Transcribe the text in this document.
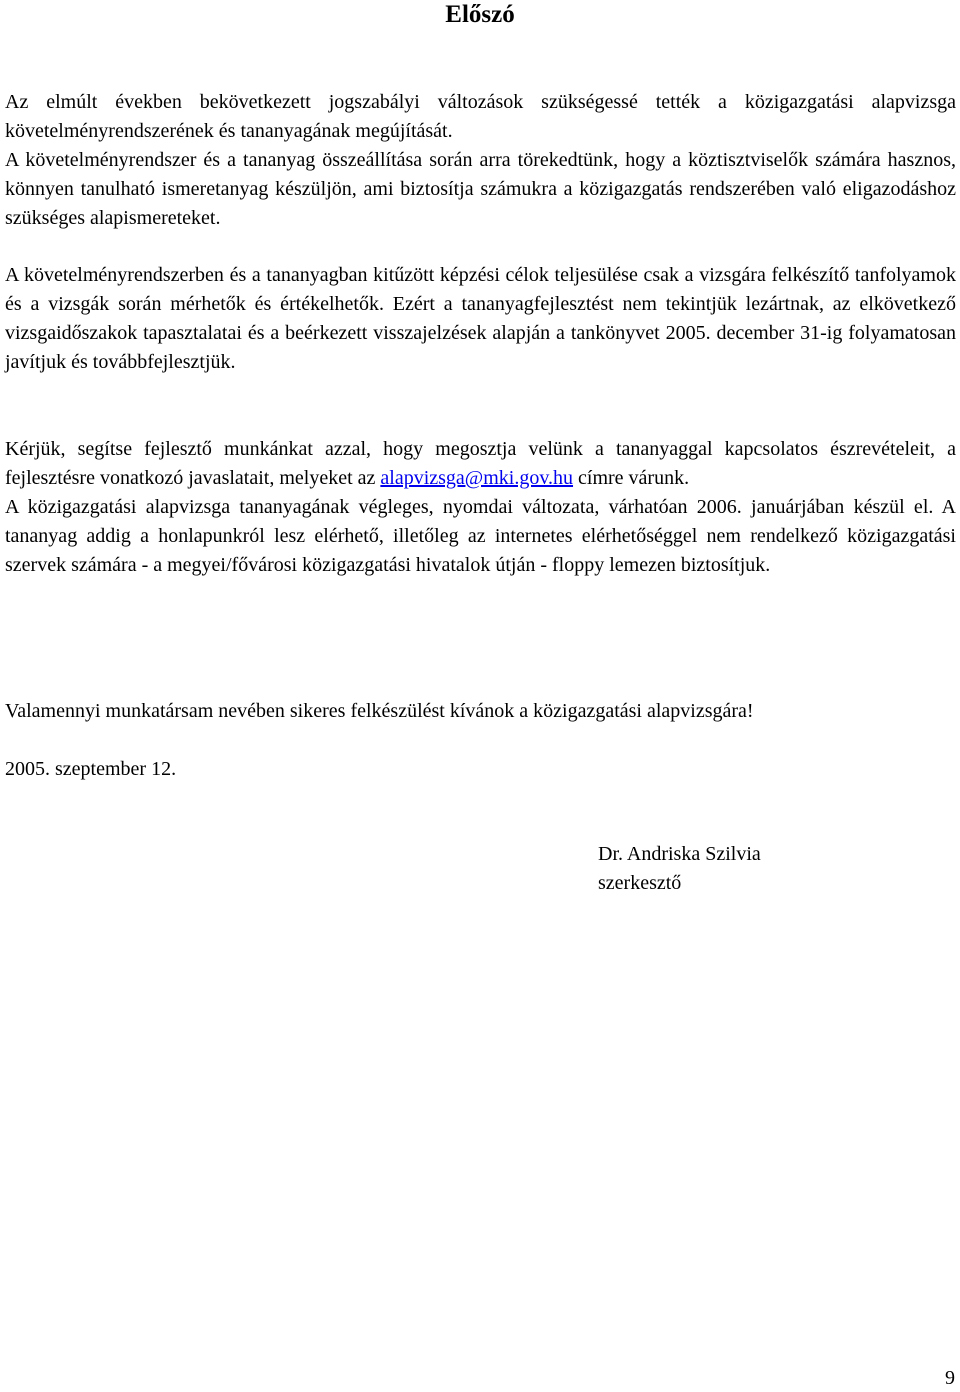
Előszó

Az elmúlt években bekövetkezett jogszabályi változások szükségessé tették a közigazgatási alapvizsga követelményrendszerének és tananyagának megújítását.

A követelményrendszer és a tananyag összeállítása során arra törekedtünk, hogy a köztisztviselők számára hasznos, könnyen tanulható ismeretanyag készüljön, ami biztosítja számukra a közigazgatás rendszerében való eligazodáshoz szükséges alapismereteket.

A követelményrendszerben és a tananyagban kitűzött képzési célok teljesülése csak a vizsgára felkészítő tanfolyamok és a vizsgák során mérhetők és értékelhetők. Ezért a tananyagfejlesztést nem tekintjük lezártnak, az elkövetkező vizsgaidőszakok tapasztalatai és a beérkezett visszajelzések alapján a tankönyvet 2005. december 31-ig folyamatosan javítjuk és továbbfejlesztjük.

Kérjük, segítse fejlesztő munkánkat azzal, hogy megosztja velünk a tananyaggal kapcsolatos észrevételeit, a fejlesztésre vonatkozó javaslatait, melyeket az alapvizsga@mki.gov.hu címre várunk.

A közigazgatási alapvizsga tananyagának végleges, nyomdai változata, várhatóan 2006. januárjában készül el. A tananyag addig a honlapunkról lesz elérhető, illetőleg az internetes elérhetőséggel nem rendelkező közigazgatási szervek számára - a megyei/fővárosi közigazgatási hivatalok útján - floppy lemezen biztosítjuk.

Valamennyi munkatársam nevében sikeres felkészülést kívánok a közigazgatási alapvizsgára!

2005. szeptember 12.

Dr. Andriska Szilvia
szerkesztő
9
